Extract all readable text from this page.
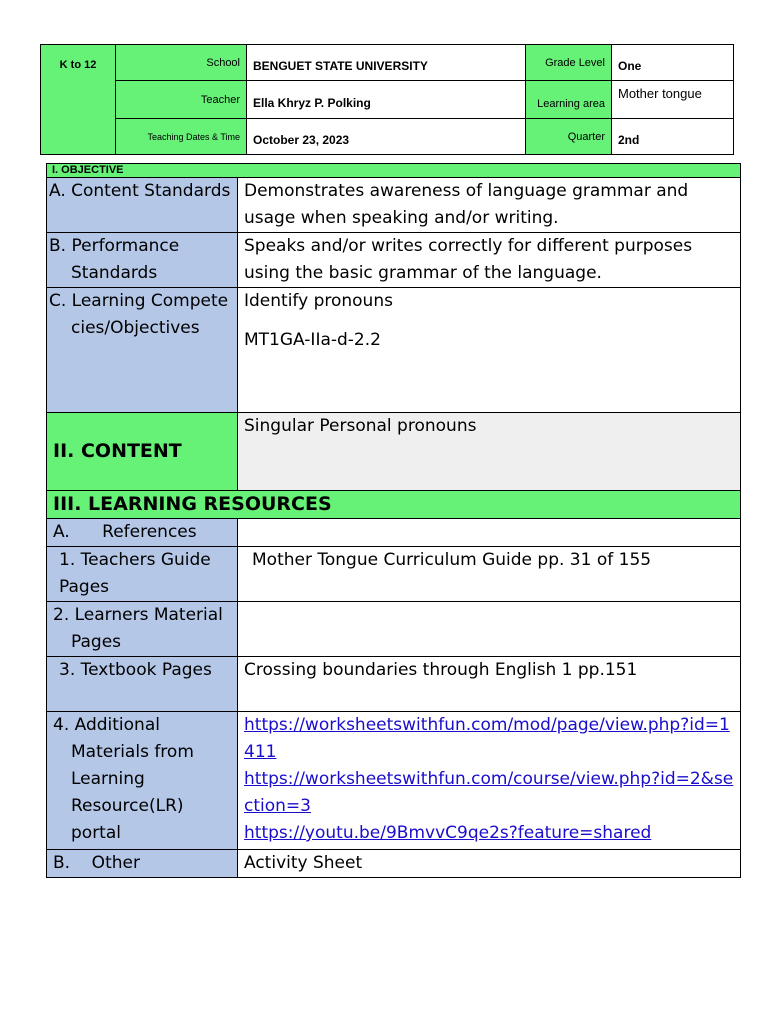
K to 12	School	BENGUET STATE UNIVERSITY	Grade Level	One
	Teacher	Ella Khryz P. Polking	Learning area	Mother tongue
	Teaching Dates & Time	October 23, 2023	Quarter	2nd
I. OBJECTIVE	
A. Content Standards	Demonstrates awareness of language grammar and usage when speaking and/or writing.
B. Performance Standards	Speaks and/or writes correctly for different purposes using the basic grammar of the language.
C. Learning Competecies/Objectives	Identify pronouns
MT1GA-IIa-d-2.2

II. CONTENT	Singular Personal pronouns
III. LEARNING RESOURCES	
A.      References	
1. Teachers Guide Pages	Mother Tongue Curriculum Guide pp. 31 of 155
2. Learners Material Pages	
3. Textbook Pages	Crossing boundaries through English 1 pp.151
4. Additional Materials from Learning Resource(LR) portal	https://worksheetswithfun.com/mod/page/view.php?id=1411
https://worksheetswithfun.com/course/view.php?id=2&section=3
https://youtu.be/9BmvvC9qe2s?feature=shared

B.    Other	Activity Sheet
